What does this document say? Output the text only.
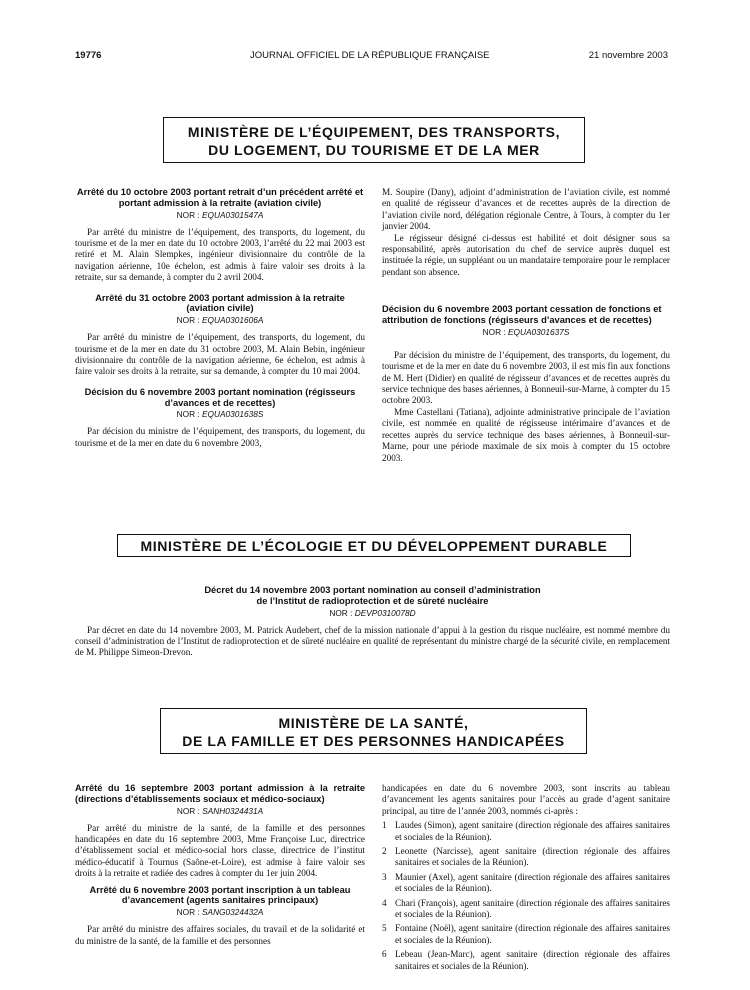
19776	JOURNAL OFFICIEL DE LA RÉPUBLIQUE FRANÇAISE	21 novembre 2003
MINISTÈRE DE L’ÉQUIPEMENT, DES TRANSPORTS,
DU LOGEMENT, DU TOURISME ET DE LA MER
Arrêté du 10 octobre 2003 portant retrait d’un précédent arrêté et portant admission à la retraite (aviation civile)
NOR : EQUA0301547A

Par arrêté du ministre de l’équipement, des transports, du logement, du tourisme et de la mer en date du 10 octobre 2003, l’arrêté du 22 mai 2003 est retiré et M. Alain Slempkes, ingénieur divisionnaire du contrôle de la navigation aérienne, 10e échelon, est admis à faire valoir ses droits à la retraite, sur sa demande, à compter du 2 avril 2004.

Arrêté du 31 octobre 2003 portant admission à la retraite (aviation civile)
NOR : EQUA0301606A

Par arrêté du ministre de l’équipement, des transports, du logement, du tourisme et de la mer en date du 31 octobre 2003, M. Alain Bebin, ingénieur divisionnaire du contrôle de la navigation aérienne, 6e échelon, est admis à faire valoir ses droits à la retraite, sur sa demande, à compter du 10 mai 2004.

Décision du 6 novembre 2003 portant nomination (régisseurs d’avances et de recettes)
NOR : EQUA0301638S

Par décision du ministre de l’équipement, des transports, du logement, du tourisme et de la mer en date du 6 novembre 2003,

M. Soupire (Dany), adjoint d’administration de l’aviation civile, est nommé en qualité de régisseur d’avances et de recettes auprès de la direction de l’aviation civile nord, délégation régionale Centre, à Tours, à compter du 1er janvier 2004.

Le régisseur désigné ci-dessus est habilité et doit désigner sous sa responsabilité, après autorisation du chef de service auprès duquel est instituée la régie, un suppléant ou un mandataire temporaire pour le remplacer pendant son absence.

Décision du 6 novembre 2003 portant cessation de fonctions et attribution de fonctions (régisseurs d’avances et de recettes)
NOR : EQUA0301637S

Par décision du ministre de l’équipement, des transports, du logement, du tourisme et de la mer en date du 6 novembre 2003, il est mis fin aux fonctions de M. Hert (Didier) en qualité de régisseur d’avances et de recettes auprès du service technique des bases aériennes, à Bonneuil-sur-Marne, à compter du 15 octobre 2003.

Mme Castellani (Tatiana), adjointe administrative principale de l’aviation civile, est nommée en qualité de régisseuse intérimaire d’avances et de recettes auprès du service technique des bases aériennes, à Bonneuil-sur-Marne, pour une période maximale de six mois à compter du 15 octobre 2003.

MINISTÈRE DE L’ÉCOLOGIE ET DU DÉVELOPPEMENT DURABLE
Décret du 14 novembre 2003 portant nomination au conseil d’administration
de l’Institut de radioprotection et de sûreté nucléaire
NOR : DEVP0310078D

Par décret en date du 14 novembre 2003, M. Patrick Audebert, chef de la mission nationale d’appui à la gestion du risque nucléaire, est nommé membre du conseil d’administration de l’Institut de radioprotection et de sûreté nucléaire en qualité de représentant du ministre chargé de la sécurité civile, en remplacement de M. Philippe Simeon-Drevon.

MINISTÈRE DE LA SANTÉ,
DE LA FAMILLE ET DES PERSONNES HANDICAPÉES
Arrêté du 16 septembre 2003 portant admission à la retraite (directions d’établissements sociaux et médico-sociaux)
NOR : SANH0324431A

Par arrêté du ministre de la santé, de la famille et des personnes handicapées en date du 16 septembre 2003, Mme Françoise Luc, directrice d’établissement social et médico-social hors classe, directrice de l’institut médico-éducatif à Tournus (Saône-et-Loire), est admise à faire valoir ses droits à la retraite et radiée des cadres à compter du 1er juin 2004.

Arrêté du 6 novembre 2003 portant inscription à un tableau d’avancement (agents sanitaires principaux)
NOR : SANG0324432A

Par arrêté du ministre des affaires sociales, du travail et de la solidarité et du ministre de la santé, de la famille et des personnes

handicapées en date du 6 novembre 2003, sont inscrits au tableau d’avancement les agents sanitaires pour l’accès au grade d’agent sanitaire principal, au titre de l’année 2003, nommés ci-après :

1 Laudes (Simon), agent sanitaire (direction régionale des affaires sanitaires et sociales de la Réunion).
2 Leonette (Narcisse), agent sanitaire (direction régionale des affaires sanitaires et sociales de la Réunion).
3 Maunier (Axel), agent sanitaire (direction régionale des affaires sanitaires et sociales de la Réunion).
4 Chari (François), agent sanitaire (direction régionale des affaires sanitaires et sociales de la Réunion).
5 Fontaine (Noël), agent sanitaire (direction régionale des affaires sanitaires et sociales de la Réunion).
6 Lebeau (Jean-Marc), agent sanitaire (direction régionale des affaires sanitaires et sociales de la Réunion).
